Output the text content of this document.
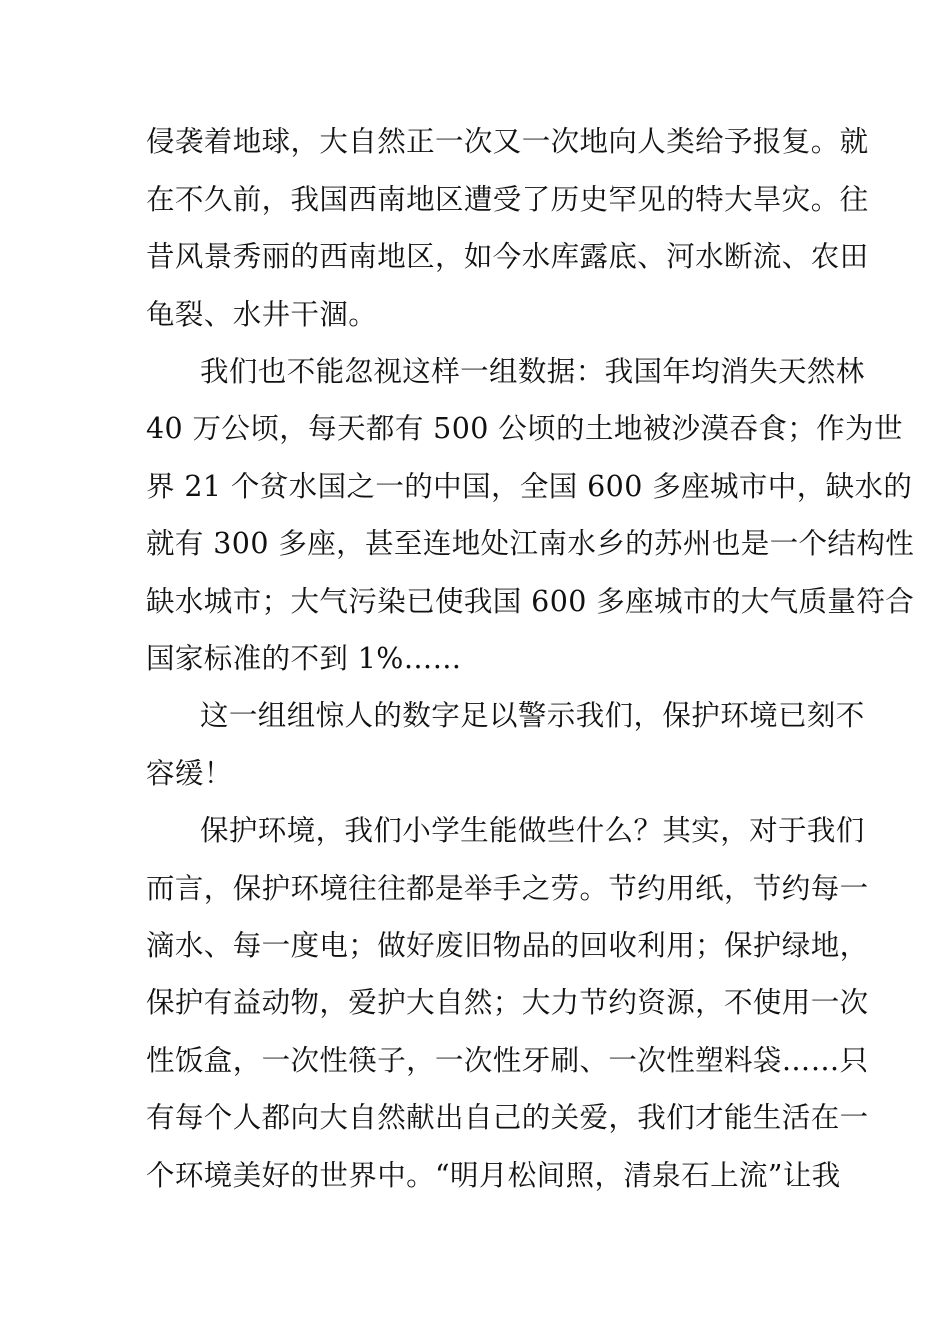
侵袭着地球，大自然正一次又一次地向人类给予报复。就
在不久前，我国西南地区遭受了历史罕见的特大旱灾。往
昔风景秀丽的西南地区，如今水库露底、河水断流、农田
龟裂、水井干涸。
我们也不能忽视这样一组数据：我国年均消失天然林
40 万公顷，每天都有 500 公顷的土地被沙漠吞食；作为世
界 21 个贫水国之一的中国，全国 600 多座城市中，缺水的
就有 300 多座，甚至连地处江南水乡的苏州也是一个结构性
缺水城市；大气污染已使我国 600 多座城市的大气质量符合
国家标准的不到 1%……
这一组组惊人的数字足以警示我们，保护环境已刻不
容缓！
保护环境，我们小学生能做些什么？其实，对于我们
而言，保护环境往往都是举手之劳。节约用纸，节约每一
滴水、每一度电；做好废旧物品的回收利用；保护绿地，
保护有益动物，爱护大自然；大力节约资源，不使用一次
性饭盒，一次性筷子，一次性牙刷、一次性塑料袋……只
有每个人都向大自然献出自己的关爱，我们才能生活在一
个环境美好的世界中。“明月松间照，清泉石上流”让我
